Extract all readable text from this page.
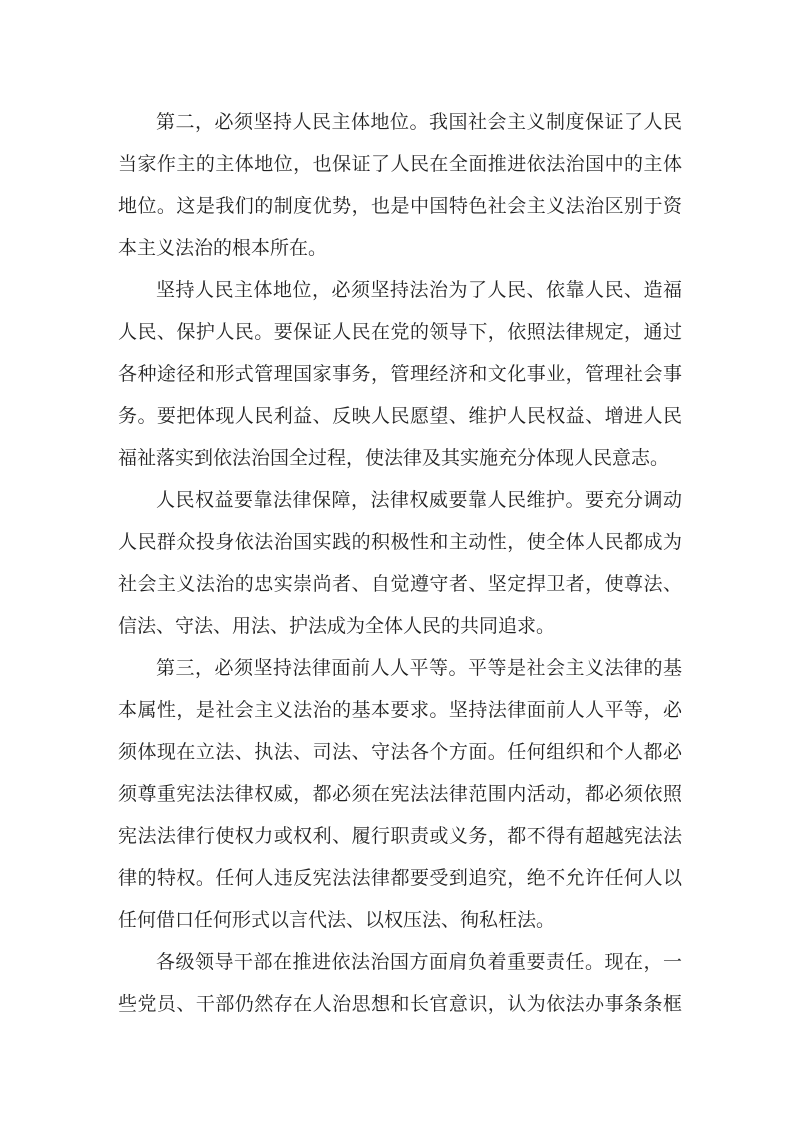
第二，必须坚持人民主体地位。我国社会主义制度保证了人民
当家作主的主体地位，也保证了人民在全面推进依法治国中的主体
地位。这是我们的制度优势，也是中国特色社会主义法治区别于资
本主义法治的根本所在。
坚持人民主体地位，必须坚持法治为了人民、依靠人民、造福
人民、保护人民。要保证人民在党的领导下，依照法律规定，通过
各种途径和形式管理国家事务，管理经济和文化事业，管理社会事
务。要把体现人民利益、反映人民愿望、维护人民权益、增进人民
福祉落实到依法治国全过程，使法律及其实施充分体现人民意志。
人民权益要靠法律保障，法律权威要靠人民维护。要充分调动
人民群众投身依法治国实践的积极性和主动性，使全体人民都成为
社会主义法治的忠实崇尚者、自觉遵守者、坚定捍卫者，使尊法、
信法、守法、用法、护法成为全体人民的共同追求。
第三，必须坚持法律面前人人平等。平等是社会主义法律的基
本属性，是社会主义法治的基本要求。坚持法律面前人人平等，必
须体现在立法、执法、司法、守法各个方面。任何组织和个人都必
须尊重宪法法律权威，都必须在宪法法律范围内活动，都必须依照
宪法法律行使权力或权利、履行职责或义务，都不得有超越宪法法
律的特权。任何人违反宪法法律都要受到追究，绝不允许任何人以
任何借口任何形式以言代法、以权压法、徇私枉法。
各级领导干部在推进依法治国方面肩负着重要责任。现在，一
些党员、干部仍然存在人治思想和长官意识，认为依法办事条条框
